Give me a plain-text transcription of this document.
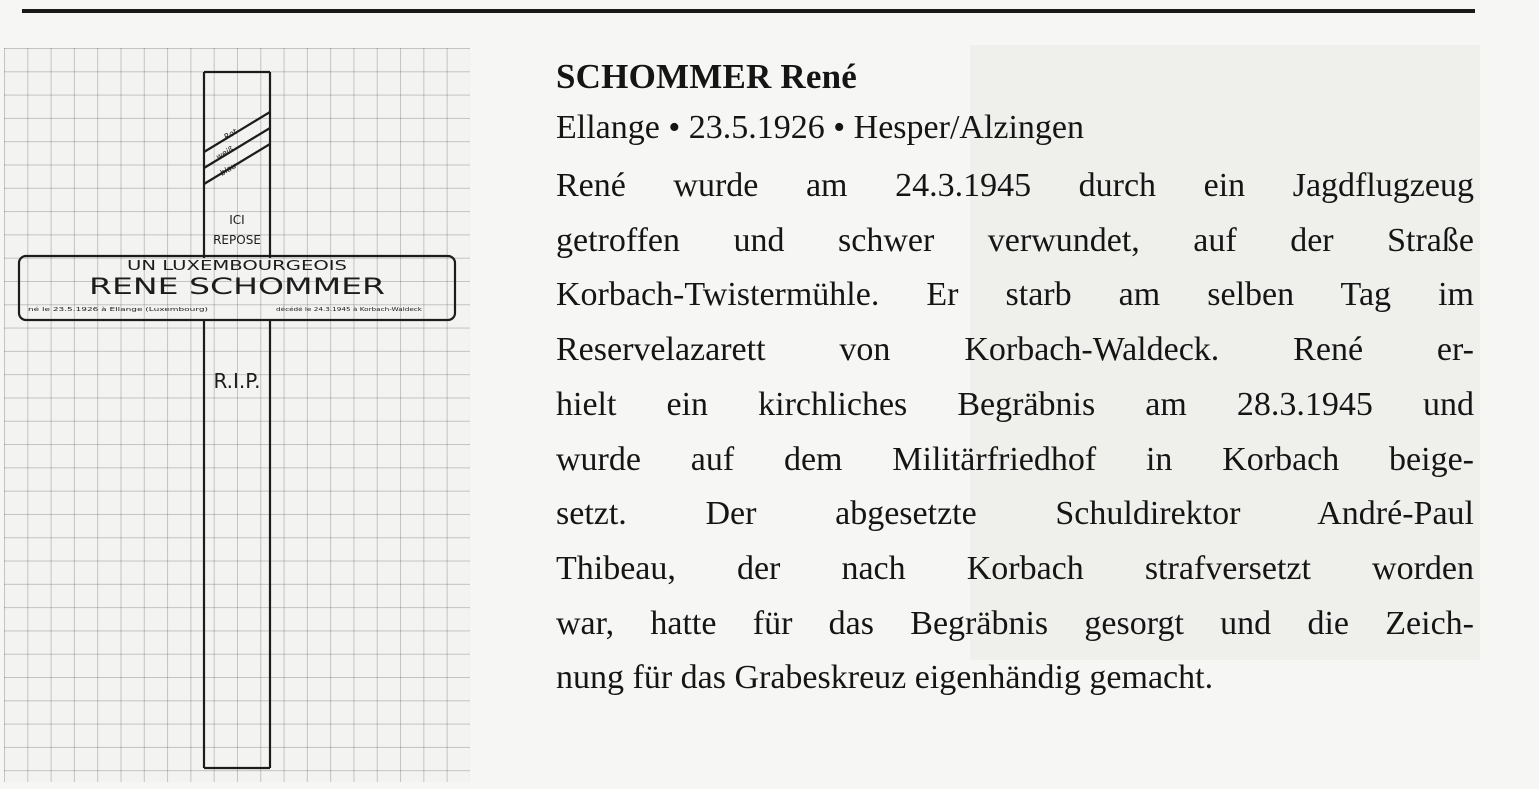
Rot
weiß
blau
ICI
REPOSE
UN LUXEMBOURGEOIS
RENE SCHOMMER
né le 23.5.1926 à Ellange (Luxembourg)	décédé le 24.3.1945 à Korbach-Waldeck
R.I.P.
SCHOMMER René

Ellange • 23.5.1926 • Hesper/Alzingen

René wurde am 24.3.1945 durch ein Jagdflugzeug
getroffen und schwer verwundet, auf der Straße
Korbach-Twistermühle. Er starb am selben Tag im
Reservelazarett von Korbach-Waldeck. René er-
hielt ein kirchliches Begräbnis am 28.3.1945 und
wurde auf dem Militärfriedhof in Korbach beige-
setzt. Der abgesetzte Schuldirektor André-Paul
Thibeau, der nach Korbach strafversetzt worden
war, hatte für das Begräbnis gesorgt und die Zeich-
nung für das Grabeskreuz eigenhändig gemacht.
